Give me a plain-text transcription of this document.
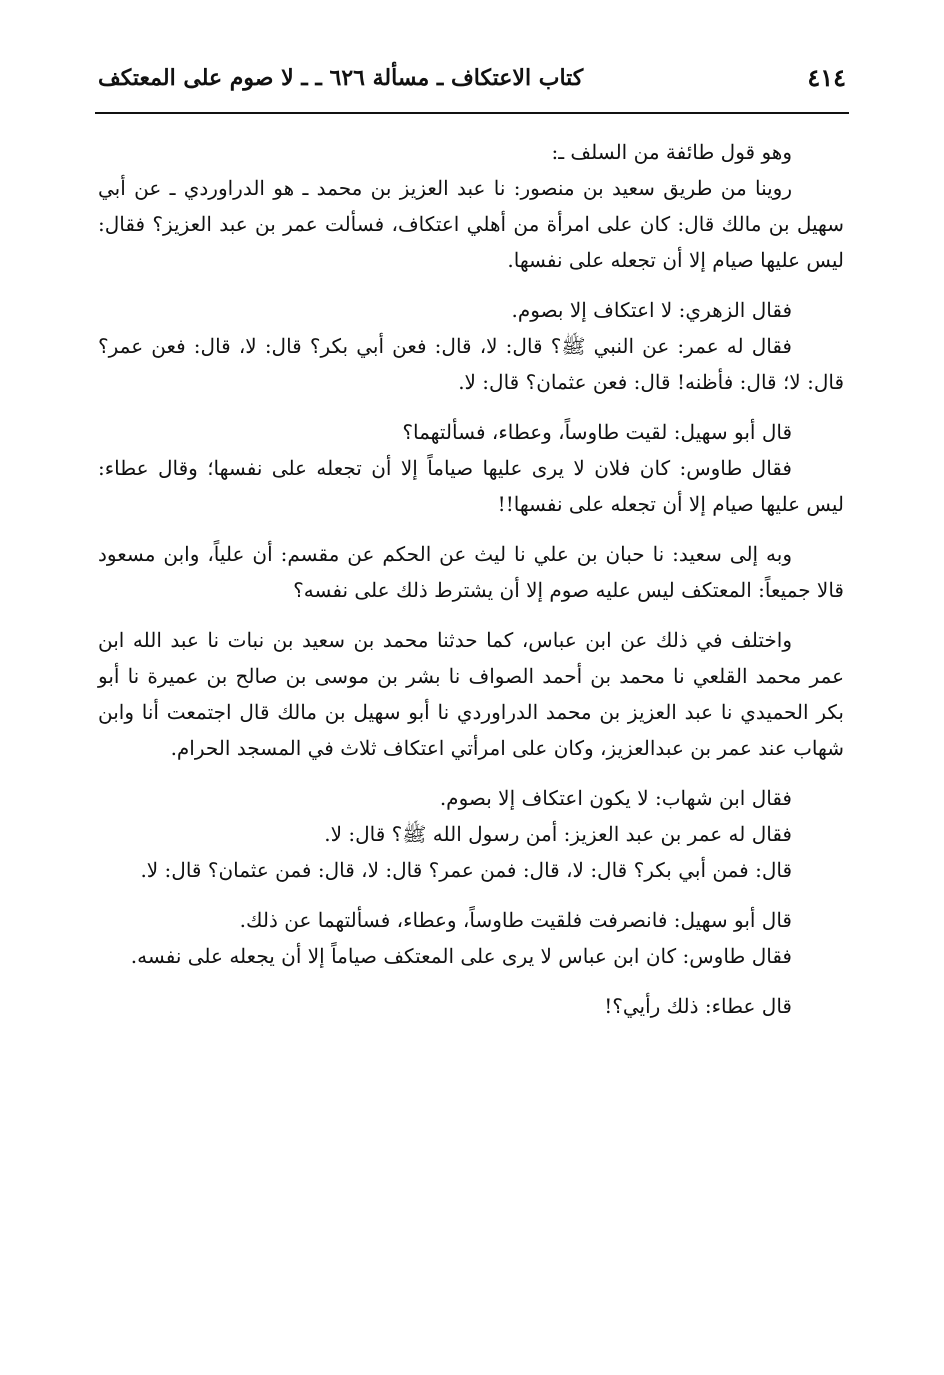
٤١٤
كتاب الاعتكاف ـ مسألة ٦٢٦ ـ ـ لا صوم على المعتكف

وهو قول طائفة من السلف ـ:

روينا من طريق سعيد بن منصور: نا عبد العزيز بن محمد ـ هو الدراوردي ـ عن أبي سهيل بن مالك قال: كان على امرأة من أهلي اعتكاف، فسألت عمر بن عبد العزيز؟ فقال: ليس عليها صيام إلا أن تجعله على نفسها.

فقال الزهري: لا اعتكاف إلا بصوم.

فقال له عمر: عن النبي ﷺ؟ قال: لا، قال: فعن أبي بكر؟ قال: لا، قال: فعن عمر؟ قال: لا؛ قال: فأظنه! قال: فعن عثمان؟ قال: لا.

قال أبو سهيل: لقيت طاوساً، وعطاء، فسألتهما؟

فقال طاوس: كان فلان لا يرى عليها صياماً إلا أن تجعله على نفسها؛ وقال عطاء: ليس عليها صيام إلا أن تجعله على نفسها!!

وبه إلى سعيد: نا حبان بن علي نا ليث عن الحكم عن مقسم: أن علياً، وابن مسعود قالا جميعاً: المعتكف ليس عليه صوم إلا أن يشترط ذلك على نفسه؟

واختلف في ذلك عن ابن عباس، كما حدثنا محمد بن سعيد بن نبات نا عبد الله ابن عمر محمد القلعي نا محمد بن أحمد الصواف نا بشر بن موسى بن صالح بن عميرة نا أبو بكر الحميدي نا عبد العزيز بن محمد الدراوردي نا أبو سهيل بن مالك قال اجتمعت أنا وابن شهاب عند عمر بن عبدالعزيز، وكان على امرأتي اعتكاف ثلاث في المسجد الحرام.

فقال ابن شهاب: لا يكون اعتكاف إلا بصوم.

فقال له عمر بن عبد العزيز: أمن رسول الله ﷺ؟ قال: لا.

قال: فمن أبي بكر؟ قال: لا، قال: فمن عمر؟ قال: لا، قال: فمن عثمان؟ قال: لا.

قال أبو سهيل: فانصرفت فلقيت طاوساً، وعطاء، فسألتهما عن ذلك.

فقال طاوس: كان ابن عباس لا يرى على المعتكف صياماً إلا أن يجعله على نفسه.

قال عطاء: ذلك رأيي؟!
